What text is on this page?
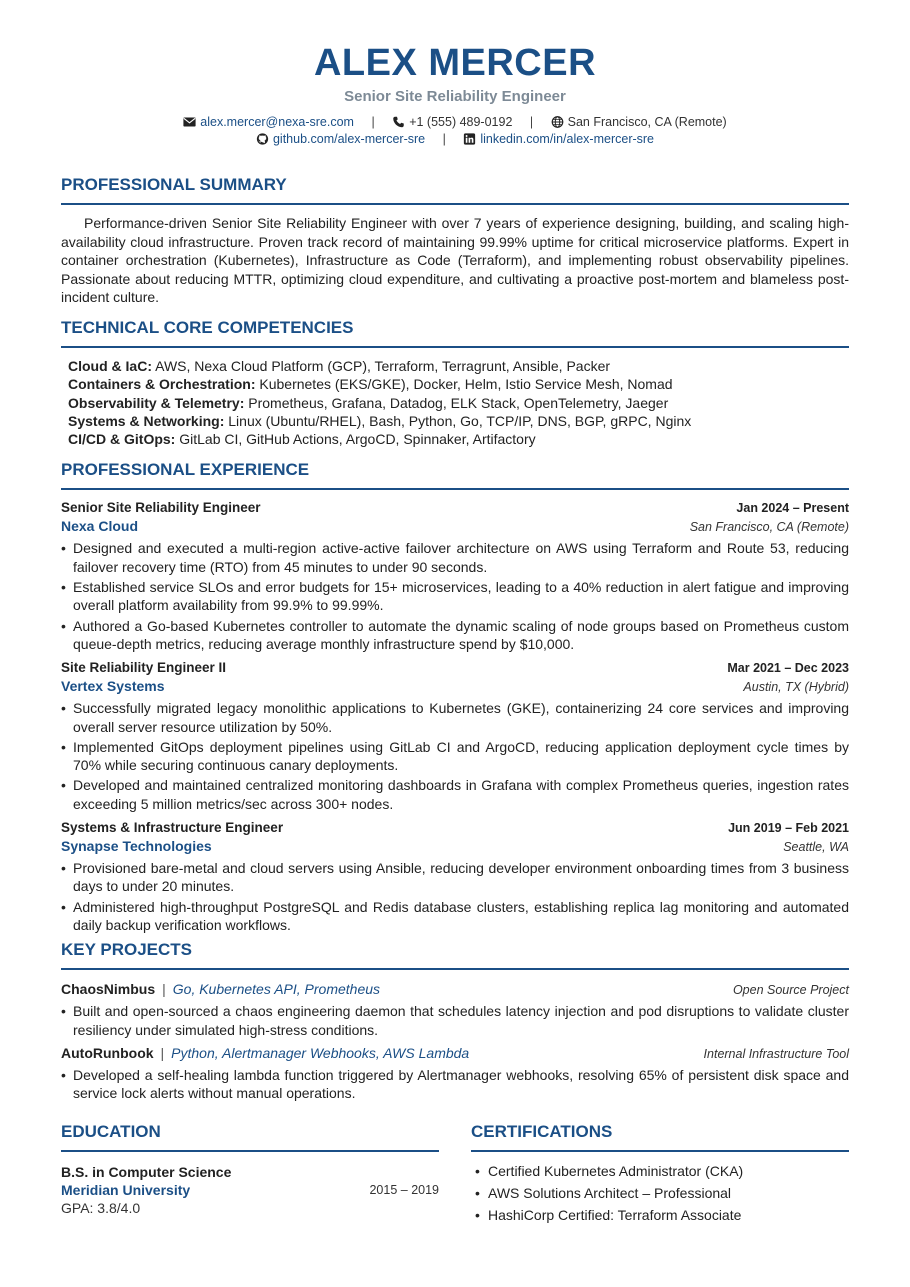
ALEX MERCER
Senior Site Reliability Engineer
alex.mercer@nexa-sre.com |	+1 (555) 489-0192 |	San Francisco, CA (Remote)
github.com/alex-mercer-sre |	linkedin.com/in/alex-mercer-sre
PROFESSIONAL SUMMARY

Performance-driven Senior Site Reliability Engineer with over 7 years of experience designing, building, and scaling high-availability cloud infrastructure. Proven track record of maintaining 99.99% uptime for critical microservice platforms. Expert in container orchestration (Kubernetes), Infrastructure as Code (Terraform), and implementing robust observability pipelines. Passionate about reducing MTTR, optimizing cloud expenditure, and cultivating a proactive post-mortem and blameless post-incident culture.

TECHNICAL CORE COMPETENCIES
Cloud & IaC: AWS, Nexa Cloud Platform (GCP), Terraform, Terragrunt, Ansible, Packer
Containers & Orchestration: Kubernetes (EKS/GKE), Docker, Helm, Istio Service Mesh, Nomad
Observability & Telemetry: Prometheus, Grafana, Datadog, ELK Stack, OpenTelemetry, Jaeger
Systems & Networking: Linux (Ubuntu/RHEL), Bash, Python, Go, TCP/IP, DNS, BGP, gRPC, Nginx
CI/CD & GitOps: GitLab CI, GitHub Actions, ArgoCD, Spinnaker, Artifactory
PROFESSIONAL EXPERIENCE
Senior Site Reliability Engineer	Jan 2024 – Present
Nexa Cloud	San Francisco, CA (Remote)
• Designed and executed a multi-region active-active failover architecture on AWS using Terraform and Route 53, reducing failover recovery time (RTO) from 45 minutes to under 90 seconds.
• Established service SLOs and error budgets for 15+ microservices, leading to a 40% reduction in alert fatigue and improving overall platform availability from 99.9% to 99.99%.
• Authored a Go-based Kubernetes controller to automate the dynamic scaling of node groups based on Prometheus custom queue-depth metrics, reducing average monthly infrastructure spend by $10,000.
Site Reliability Engineer II	Mar 2021 – Dec 2023
Vertex Systems	Austin, TX (Hybrid)
• Successfully migrated legacy monolithic applications to Kubernetes (GKE), containerizing 24 core services and improving overall server resource utilization by 50%.
• Implemented GitOps deployment pipelines using GitLab CI and ArgoCD, reducing application deployment cycle times by 70% while securing continuous canary deployments.
• Developed and maintained centralized monitoring dashboards in Grafana with complex Prometheus queries, ingestion rates exceeding 5 million metrics/sec across 300+ nodes.
Systems & Infrastructure Engineer	Jun 2019 – Feb 2021
Synapse Technologies	Seattle, WA
• Provisioned bare-metal and cloud servers using Ansible, reducing developer environment onboarding times from 3 business days to under 20 minutes.
• Administered high-throughput PostgreSQL and Redis database clusters, establishing replica lag monitoring and automated daily backup verification workflows.
KEY PROJECTS
ChaosNimbus | Go, Kubernetes API, Prometheus	Open Source Project
• Built and open-sourced a chaos engineering daemon that schedules latency injection and pod disruptions to validate cluster resiliency under simulated high-stress conditions.
AutoRunbook | Python, Alertmanager Webhooks, AWS Lambda	Internal Infrastructure Tool
• Developed a self-healing lambda function triggered by Alertmanager webhooks, resolving 65% of persistent disk space and service lock alerts without manual operations.
EDUCATION
B.S. in Computer Science
Meridian University	2015 – 2019
GPA: 3.8/4.0
CERTIFICATIONS
• Certified Kubernetes Administrator (CKA)
• AWS Solutions Architect – Professional
• HashiCorp Certified: Terraform Associate
